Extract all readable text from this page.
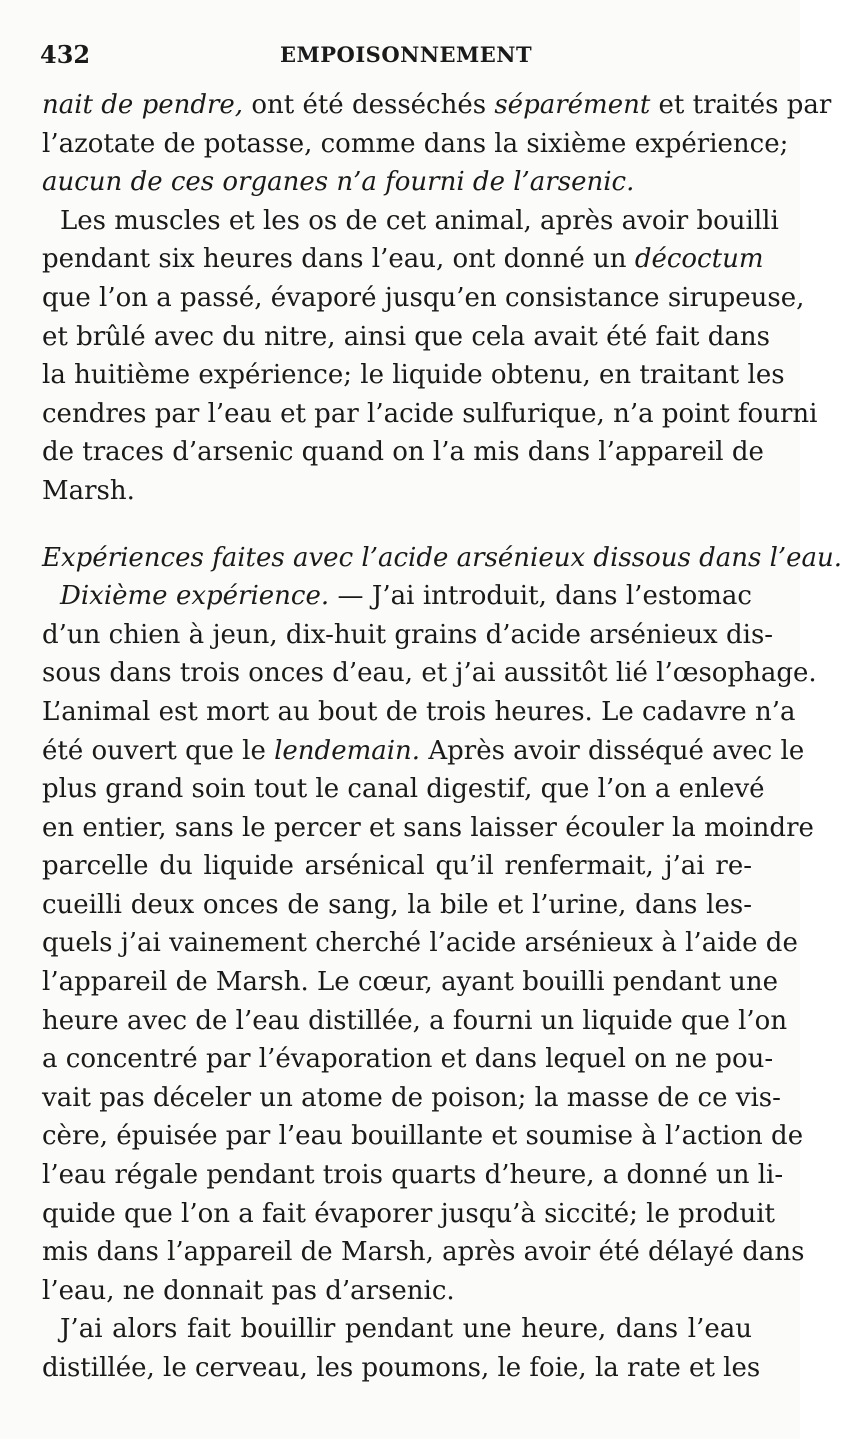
432	EMPOISONNEMENT
nait de pendre, ont été desséchés séparément et traités par
l’azotate de potasse, comme dans la sixième expérience;
aucun de ces organes n’a fourni de l’arsenic.
Les muscles et les os de cet animal, après avoir bouilli
pendant six heures dans l’eau, ont donné un décoctum
que l’on a passé, évaporé jusqu’en consistance sirupeuse,
et brûlé avec du nitre, ainsi que cela avait été fait dans
la huitième expérience; le liquide obtenu, en traitant les
cendres par l’eau et par l’acide sulfurique, n’a point fourni
de traces d’arsenic quand on l’a mis dans l’appareil de
Marsh.
Expériences faites avec l’acide arsénieux dissous dans l’eau.
Dixième expérience. — J’ai introduit, dans l’estomac
d’un chien à jeun, dix-huit grains d’acide arsénieux dis-
sous dans trois onces d’eau, et j’ai aussitôt lié l’œsophage.
L’animal est mort au bout de trois heures. Le cadavre n’a
été ouvert que le lendemain. Après avoir disséqué avec le
plus grand soin tout le canal digestif, que l’on a enlevé
en entier, sans le percer et sans laisser écouler la moindre
parcelle du liquide arsénical qu’il renfermait, j’ai re-
cueilli deux onces de sang, la bile et l’urine, dans les-
quels j’ai vainement cherché l’acide arsénieux à l’aide de
l’appareil de Marsh. Le cœur, ayant bouilli pendant une
heure avec de l’eau distillée, a fourni un liquide que l’on
a concentré par l’évaporation et dans lequel on ne pou-
vait pas déceler un atome de poison; la masse de ce vis-
cère, épuisée par l’eau bouillante et soumise à l’action de
l’eau régale pendant trois quarts d’heure, a donné un li-
quide que l’on a fait évaporer jusqu’à siccité; le produit
mis dans l’appareil de Marsh, après avoir été délayé dans
l’eau, ne donnait pas d’arsenic.
J’ai alors fait bouillir pendant une heure, dans l’eau
distillée, le cerveau, les poumons, le foie, la rate et les
